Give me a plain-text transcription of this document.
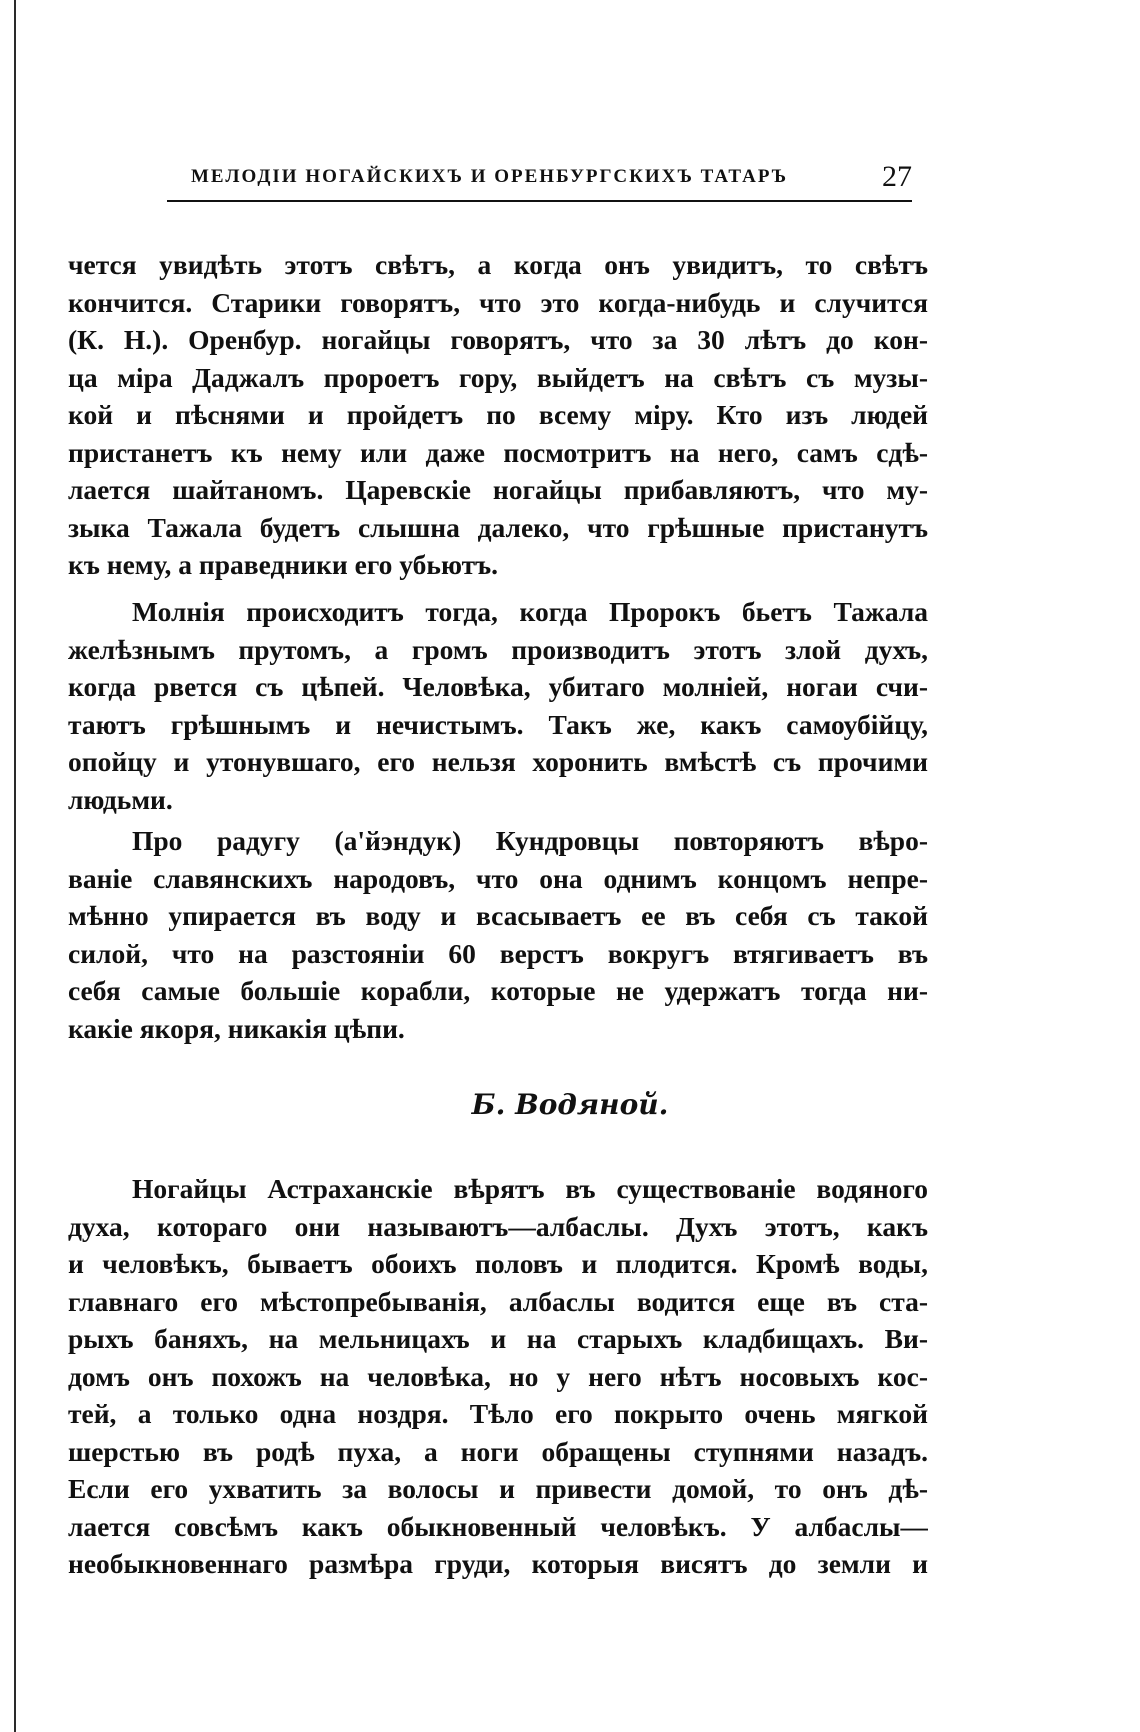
МЕЛОДІИ НОГАЙСКИХЪ И ОРЕНБУРГСКИХЪ ТАТАРЪ	27
чется увидѣть этотъ свѣтъ, а когда онъ увидитъ, то свѣтъ
кончится. Старики говорятъ, что это когда-нибудь и случится
(К. Н.). Оренбур. ногайцы говорятъ, что за 30 лѣтъ до кон-
ца міра Даджалъ пророетъ гору, выйдетъ на свѣтъ съ музы-
кой и пѣснями и пройдетъ по всему міру. Кто изъ людей
пристанетъ къ нему или даже посмотритъ на него, самъ сдѣ-
лается шайтаномъ. Царевскіе ногайцы прибавляютъ, что му-
зыка Тажала будетъ слышна далеко, что грѣшные пристанутъ
къ нему, а праведники его убьютъ.
Молнія происходитъ тогда, когда Пророкъ бьетъ Тажала
желѣзнымъ прутомъ, а громъ производитъ этотъ злой духъ,
когда рвется съ цѣпей. Человѣка, убитаго молніей, ногаи счи-
таютъ грѣшнымъ и нечистымъ. Такъ же, какъ самоубійцу,
опойцу и утонувшаго, его нельзя хоронить вмѣстѣ съ прочими
людьми.
Про радугу (а'йэндук) Кундровцы повторяютъ вѣро-
ваніе славянскихъ народовъ, что она однимъ концомъ непре-
мѣнно упирается въ воду и всасываетъ ее въ себя съ такой
силой, что на разстояніи 60 верстъ вокругъ втягиваетъ въ
себя самые большіе корабли, которые не удержатъ тогда ни-
какіе якоря, никакія цѣпи.
Б. Водяной.
Ногайцы Астраханскіе вѣрятъ въ существованіе водяного
духа, котораго они называютъ—албаслы. Духъ этотъ, какъ
и человѣкъ, бываетъ обоихъ половъ и плодится. Кромѣ воды,
главнаго его мѣстопребыванія, албаслы водится еще въ ста-
рыхъ баняхъ, на мельницахъ и на старыхъ кладбищахъ. Ви-
домъ онъ похожъ на человѣка, но у него нѣтъ носовыхъ кос-
тей, а только одна ноздря. Тѣло его покрыто очень мягкой
шерстью въ родѣ пуха, а ноги обращены ступнями назадъ.
Если его ухватить за волосы и привести домой, то онъ дѣ-
лается совсѣмъ какъ обыкновенный человѣкъ. У албаслы—
необыкновеннаго размѣра груди, которыя висятъ до земли и
